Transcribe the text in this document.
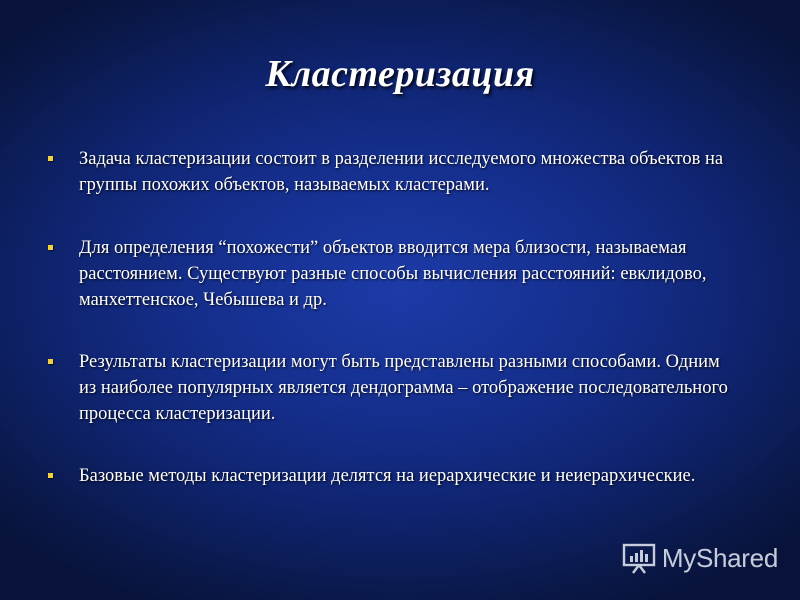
Кластеризация
Задача кластеризации состоит в разделении исследуемого множества объектов на группы похожих объектов, называемых кластерами.
Для определения “похожести” объектов вводится мера близости, называемая расстоянием. Существуют разные способы вычисления расстояний: евклидово, манхеттенское, Чебышева и др.
Результаты кластеризации могут быть представлены разными способами. Одним из наиболее популярных является дендограмма – отображение последовательного процесса кластеризации.
Базовые методы кластеризации делятся на иерархические и неиерархические.
MyShared
